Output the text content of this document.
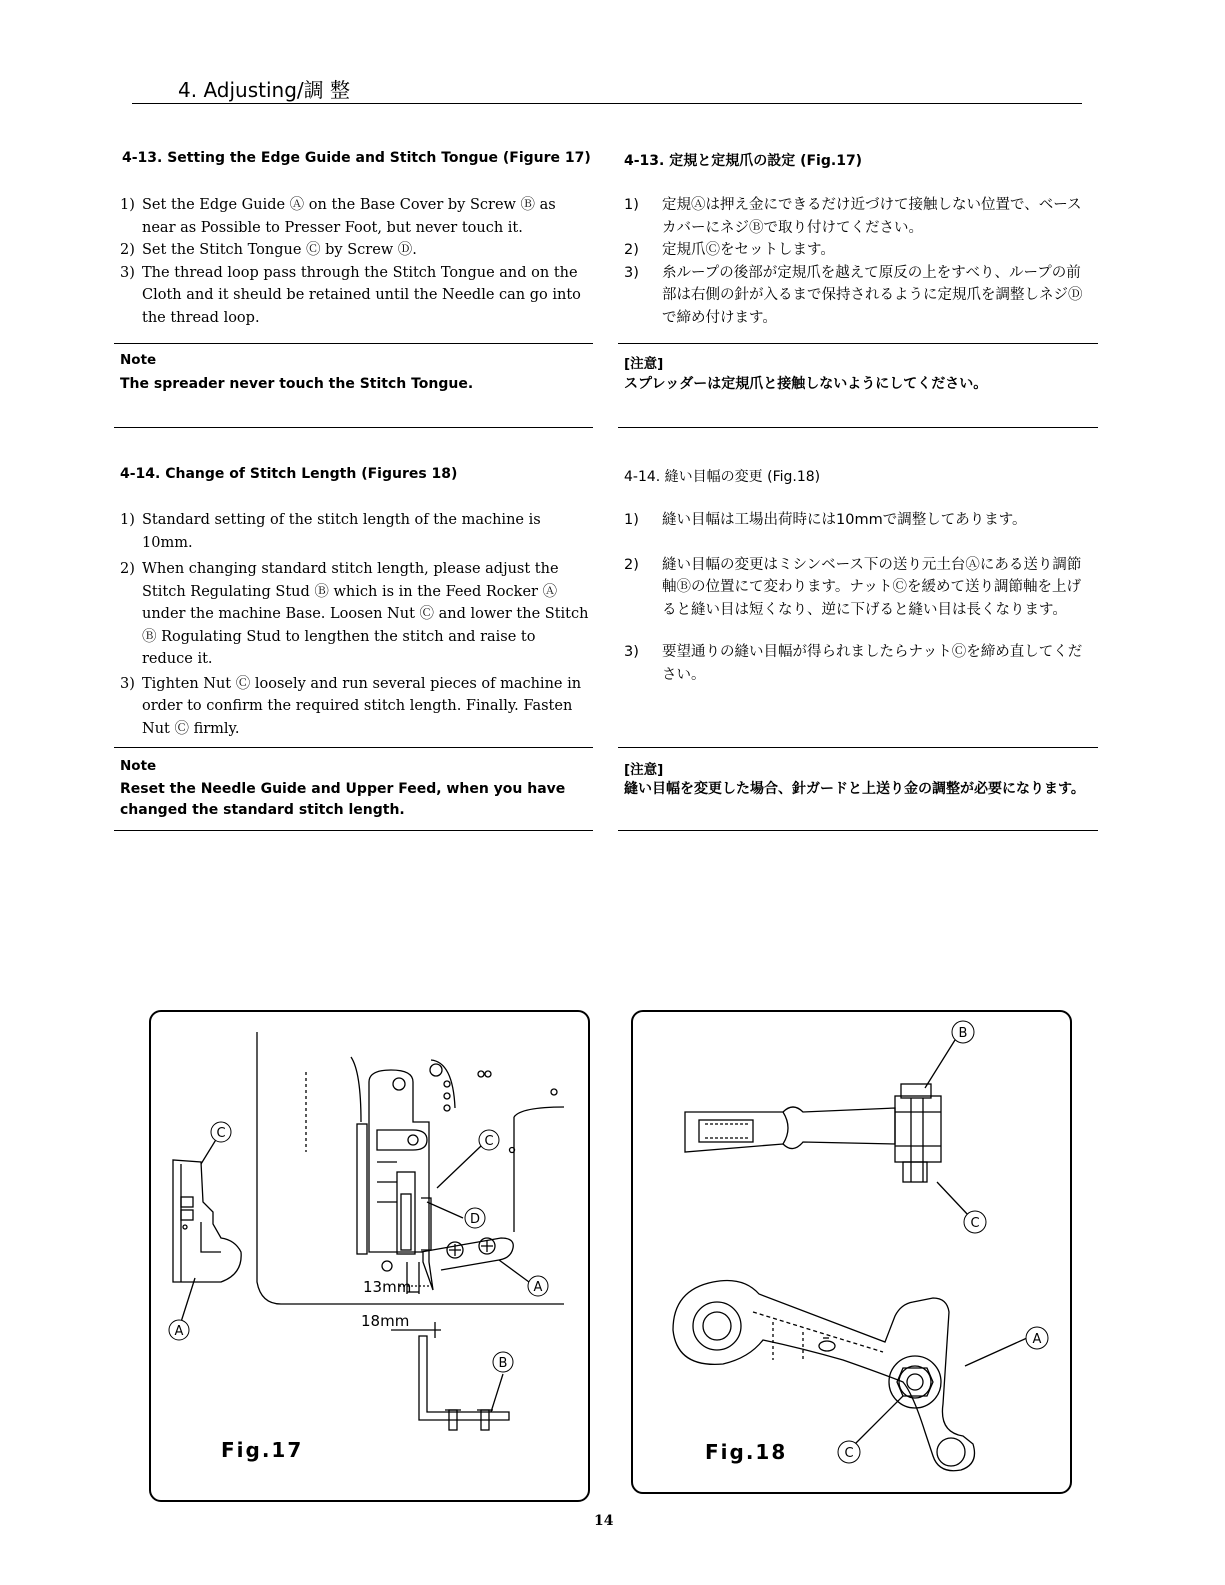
4. Adjusting/調 整
4-13. Setting the Edge Guide and Stitch Tongue (Figure 17)
1) Set the Edge Guide Ⓐ on the Base Cover by Screw Ⓑ as near as Possible to Presser Foot, but never touch it.
2) Set the Stitch Tongue Ⓒ by Screw Ⓓ.
3) The thread loop pass through the Stitch Tongue and on the Cloth and it sheuld be retained until the Needle can go into the thread loop.
Note
The spreader never touch the Stitch Tongue.
4-13. 定規と定規爪の設定 (Fig.17)
1) 定規Ⓐは押え金にできるだけ近づけて接触しない位置で、ベースカバーにネジⒷで取り付けてください。
2) 定規爪Ⓒをセットします。
3) 糸ループの後部が定規爪を越えて原反の上をすべり、ループの前部は右側の針が入るまで保持されるように定規爪を調整しネジⒹで締め付けます。
[注意]
スプレッダーは定規爪と接触しないようにしてください。
4-14. Change of Stitch Length (Figures 18)
1) Standard setting of the stitch length of the machine is 10mm.
2) When changing standard stitch length, please adjust the Stitch Regulating Stud Ⓑ which is in the Feed Rocker Ⓐ under the machine Base. Loosen Nut Ⓒ and lower the Stitch Ⓑ Rogulating Stud to lengthen the stitch and raise to reduce it.
3) Tighten Nut Ⓒ loosely and run several pieces of machine in order to confirm the required stitch length. Finally. Fasten Nut Ⓒ firmly.
Note
Reset the Needle Guide and Upper Feed, when you have changed the standard stitch length.
4-14. 縫い目幅の変更 (Fig.18)
1) 縫い目幅は工場出荷時には10mmで調整してあります。
2) 縫い目幅の変更はミシンベース下の送り元土台Ⓐにある送り調節軸Ⓑの位置にて変わります。ナットⒸを緩めて送り調節軸を上げると縫い目は短くなり、逆に下げると縫い目は長くなります。
3) 要望通りの縫い目幅が得られましたらナットⒸを締め直してください。
[注意]
縫い目幅を変更した場合、針ガードと上送り金の調整が必要になります。
C
A
C
D
A
B
13mm
18mm
Fig.17
B
C
A
C
Fig.18
14
